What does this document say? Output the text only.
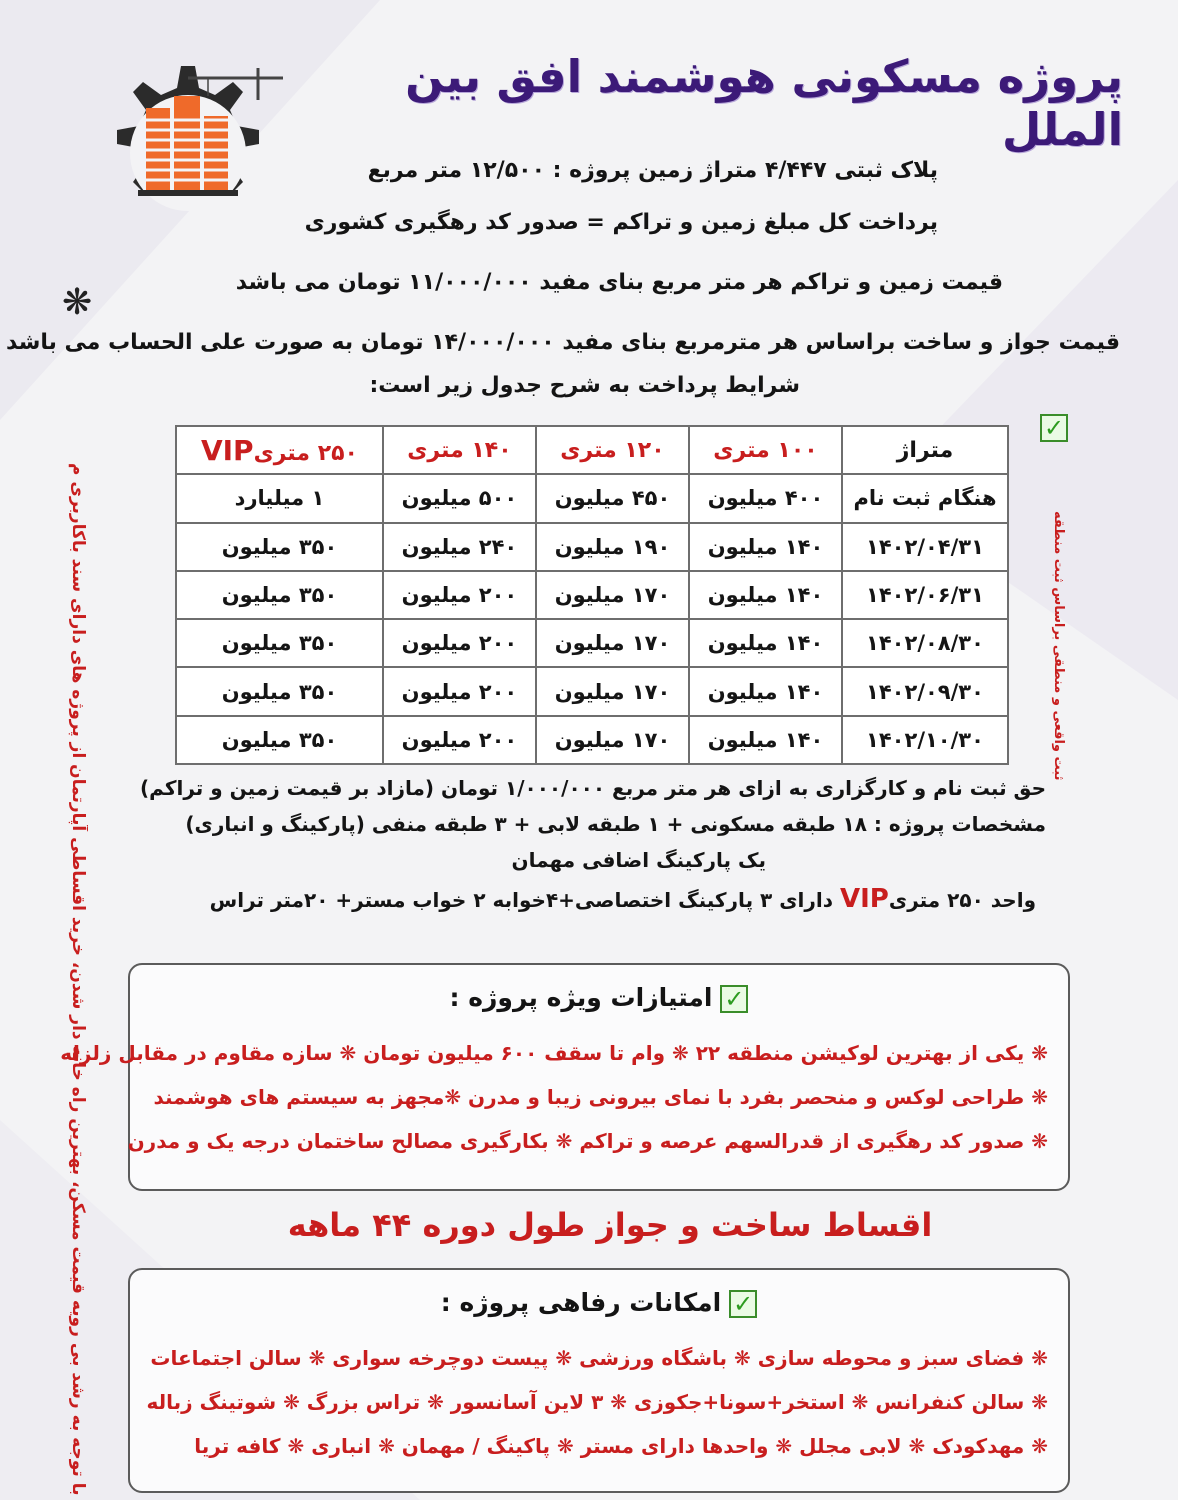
پروژه مسکونی هوشمند افق بین الملل
پلاک ثبتی ۴/۴۴۷ متراژ زمین پروژه : ۱۲/۵۰۰ متر مربع
پرداخت کل مبلغ زمین و تراکم = صدور کد رهگیری کشوری
قیمت زمین و تراکم هر متر مربع بنای مفید ۱۱/۰۰۰/۰۰۰ تومان می باشد
قیمت جواز و ساخت براساس هر مترمربع بنای مفید ۱۴/۰۰۰/۰۰۰ تومان به صورت علی الحساب می باشد
شرایط پرداخت به شرح جدول زیر است:
❋
با توجه به رشد بی رویه قیمت مسکن، بهترین راه خانه دار شدن، خرید اقساطی آپارتمان از پروژه های دارای سند باکاربری م	ثبت واقعی و منطقی براساس ثبت منطقه
✓
متراژ	۱۰۰ متری	۱۲۰ متری	۱۴۰ متری	۲۵۰ متریVIP
هنگام ثبت نام	۴۰۰ میلیون	۴۵۰ میلیون	۵۰۰ میلیون	۱ میلیارد
۱۴۰۲/۰۴/۳۱	۱۴۰ میلیون	۱۹۰ میلیون	۲۴۰ میلیون	۳۵۰ میلیون
۱۴۰۲/۰۶/۳۱	۱۴۰ میلیون	۱۷۰ میلیون	۲۰۰ میلیون	۳۵۰ میلیون
۱۴۰۲/۰۸/۳۰	۱۴۰ میلیون	۱۷۰ میلیون	۲۰۰ میلیون	۳۵۰ میلیون
۱۴۰۲/۰۹/۳۰	۱۴۰ میلیون	۱۷۰ میلیون	۲۰۰ میلیون	۳۵۰ میلیون
۱۴۰۲/۱۰/۳۰	۱۴۰ میلیون	۱۷۰ میلیون	۲۰۰ میلیون	۳۵۰ میلیون
حق ثبت نام و کارگزاری به ازای هر متر مربع ۱/۰۰۰/۰۰۰ تومان (مازاد بر قیمت زمین و تراکم)
مشخصات پروژه : ۱۸ طبقه مسکونی + ۱ طبقه لابی + ۳ طبقه منفی (پارکینگ و انباری)
یک پارکینگ اضافی مهمان
واحد ۲۵۰ متریVIP دارای ۳ پارکینگ اختصاصی+۴خوابه ۲ خواب مستر+ ۲۰متر تراس
✓امتیازات ویژه پروژه :
❋ یکی از بهترین لوکیشن منطقه ۲۲ ❋ وام تا سقف ۶۰۰ میلیون تومان ❋ سازه مقاوم در مقابل زلزله
❋ طراحی لوکس و منحصر بفرد با نمای بیرونی زیبا و مدرن ❋مجهز به سیستم های هوشمند
❋ صدور کد رهگیری از قدرالسهم عرصه و تراکم ❋ بکارگیری مصالح ساختمان درجه یک و مدرن
اقساط ساخت و جواز طول دوره ۴۴ ماهه
✓امکانات رفاهی پروژه :
❋ فضای سبز و محوطه سازی ❋ باشگاه ورزشی ❋ پیست دوچرخه سواری ❋ سالن اجتماعات
❋ سالن کنفرانس ❋ استخر+سونا+جکوزی ❋ ۳ لاین آسانسور ❋ تراس بزرگ ❋ شوتینگ زباله
❋ مهدکودک ❋ لابی مجلل ❋ واحدها دارای مستر ❋ پاکینگ / مهمان ❋ انباری ❋ کافه تریا
